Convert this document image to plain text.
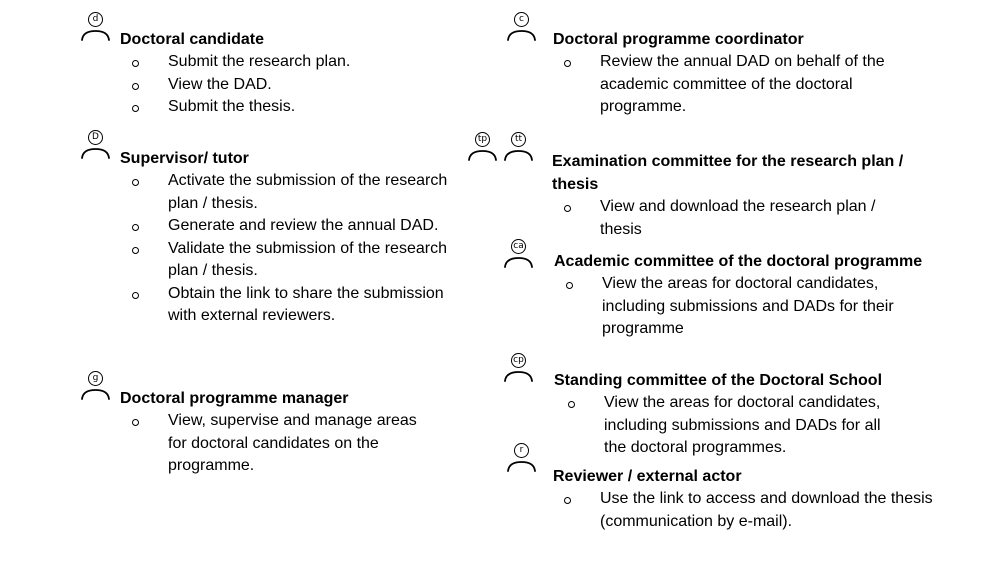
d
Doctoral candidate
Submit the research plan.
View the DAD.
Submit the thesis.
D
Supervisor/ tutor
Activate the submission of the research plan / thesis.
Generate and review the annual DAD.
Validate the submission of the research plan / thesis.
Obtain the link to share the submission with external reviewers.
g
Doctoral programme manager
View, supervise and manage areas for doctoral candidates on the programme.
c
Doctoral programme coordinator
Review the annual DAD on behalf of the academic committee of the doctoral programme.
tp	tt
Examination committee for the research plan / thesis
View and download the research plan / thesis
ca
Academic committee of the doctoral programme
View the areas for doctoral candidates, including submissions and DADs for their programme
cp
Standing committee of the Doctoral School
View the areas for doctoral candidates, including submissions and DADs for all the doctoral programmes.
r
Reviewer / external actor
Use the link to access and download the thesis (communication by e-mail).
